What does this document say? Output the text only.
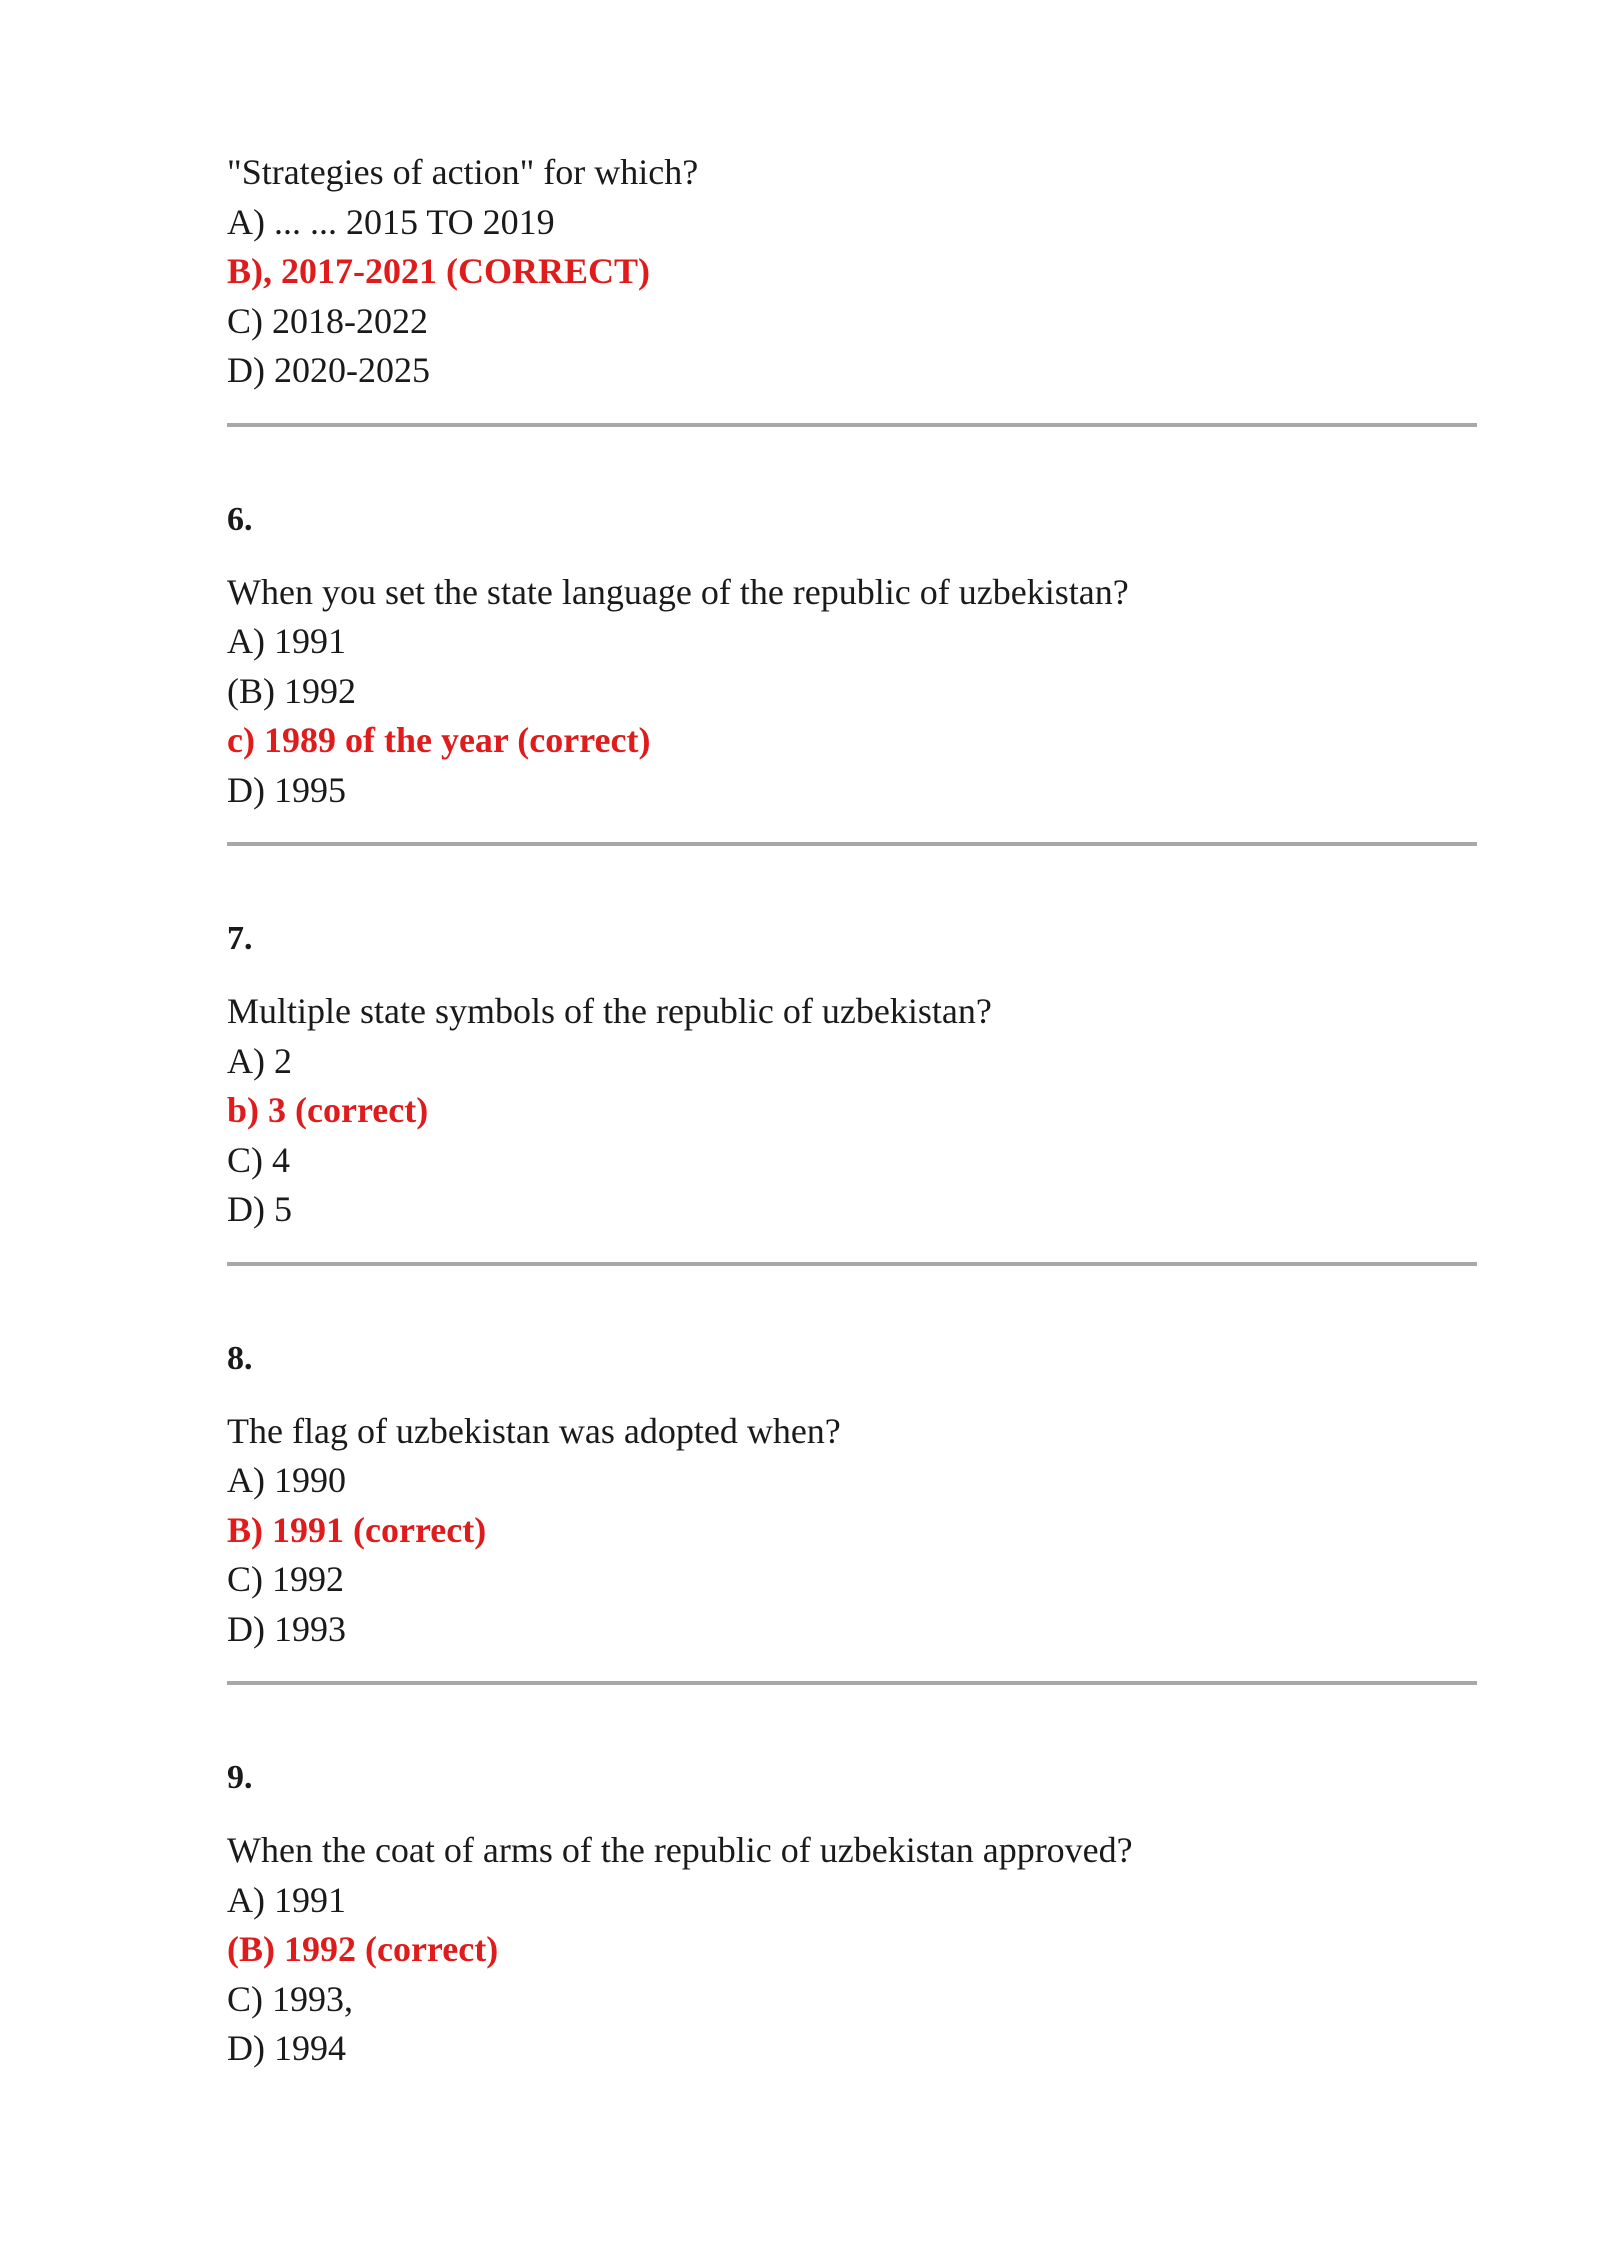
"Strategies of action" for which?
A) ... ... 2015 TO 2019
B), 2017-2021 (CORRECT)
C) 2018-2022
D) 2020-2025
6.
When you set the state language of the republic of uzbekistan?
A) 1991
(B) 1992
c) 1989 of the year (correct)
D) 1995
7.
Multiple state symbols of the republic of uzbekistan?
A) 2
b) 3 (correct)
C) 4
D) 5
8.
The flag of uzbekistan was adopted when?
A) 1990
B) 1991 (correct)
C) 1992
D) 1993
9.
When the coat of arms of the republic of uzbekistan approved?
A) 1991
(B) 1992 (correct)
C) 1993,
D) 1994
